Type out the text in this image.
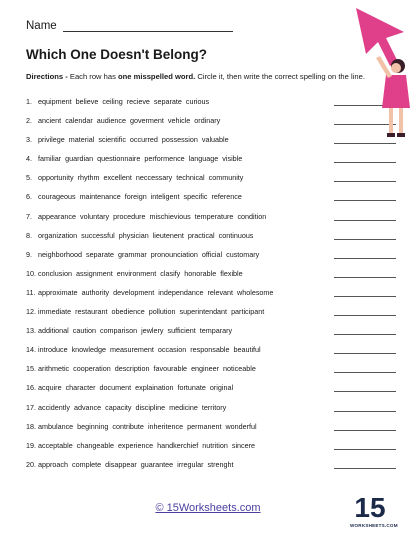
Name
Which One Doesn't Belong?
Directions - Each row has one misspelled word. Circle it, then write the correct spelling on the line.
1. equipment believe ceiling recieve separate curious
2. ancient calendar audience goverment vehicle ordinary
3. privilege material scientific occurred possession valuable
4. familiar guardian questionnaire performence language visible
5. opportunity rhythm excellent neccessary technical community
6. courageous maintenance foreign inteligent specific reference
7. appearance voluntary procedure mischievious temperature condition
8. organization successful physician lieutenent practical continuous
9. neighborhood separate grammar pronounciation official customary
10. conclusion assignment environment clasify honorable flexible
11. approximate authority development independance relevant wholesome
12. immediate restaurant obedience pollution superintendant participant
13. additional caution comparison jewlery sufficient temparary
14. introduce knowledge measurement occasion responsable beautiful
15. arithmetic cooperation description favourable engineer noticeable
16. acquire character document explaination fortunate original
17. accidently advance capacity discipline medicine territory
18. ambulance beginning contribute inheritence permanent wonderful
19. acceptable changeable experience handkerchief nutrition sincere
20. approach complete disappear guarantee irregular strenght
© 15Worksheets.com	15
WORKSHEETS.COM
